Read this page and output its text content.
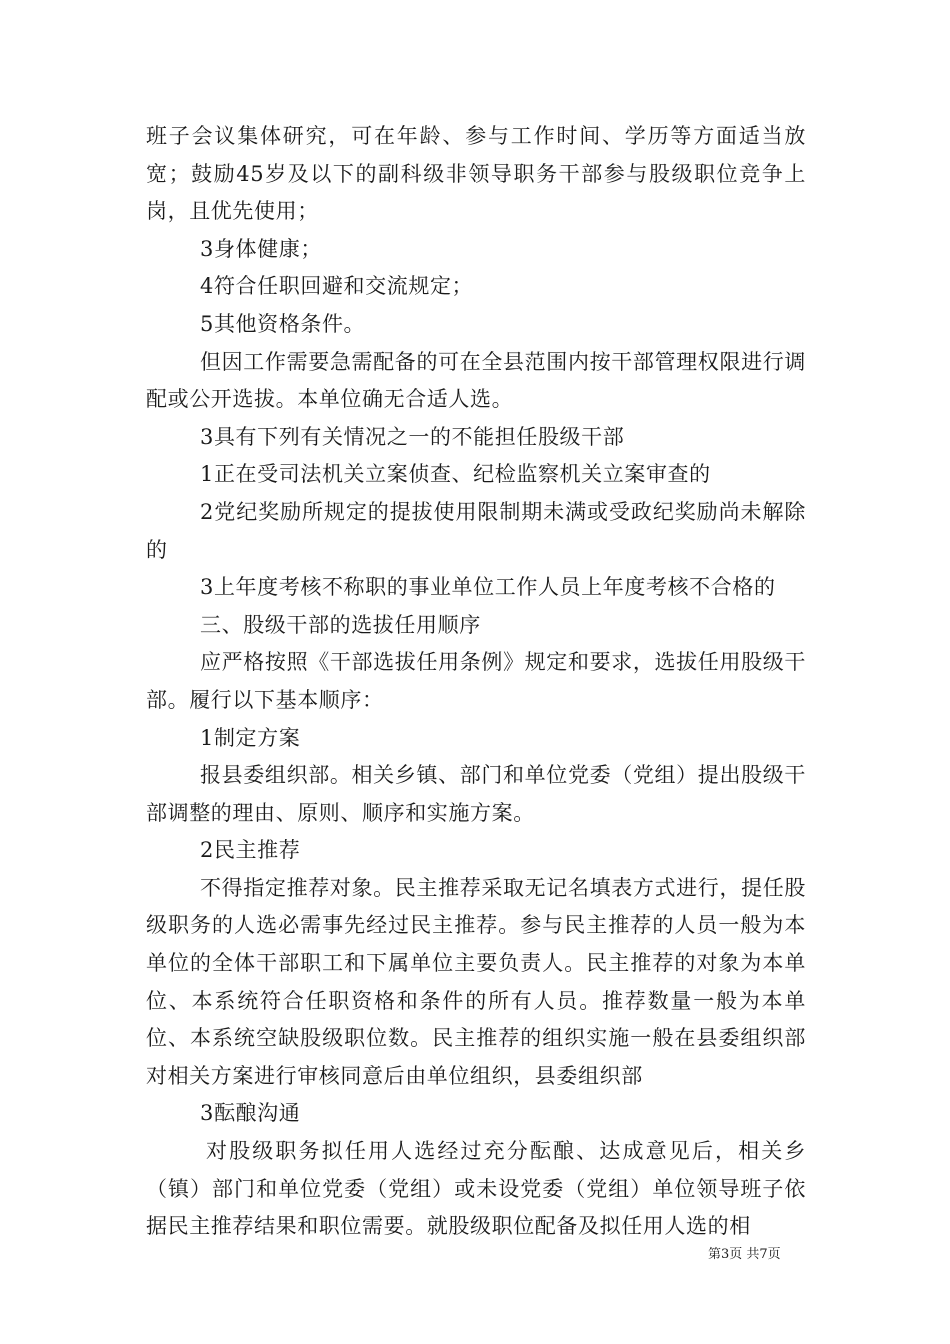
班子会议集体研究，可在年龄、参与工作时间、学历等方面适当放宽；鼓励45岁及以下的副科级非领导职务干部参与股级职位竞争上岗，且优先使用；

3身体健康；

4符合任职回避和交流规定；

5其他资格条件。

但因工作需要急需配备的可在全县范围内按干部管理权限进行调配或公开选拔。本单位确无合适人选。

3具有下列有关情况之一的不能担任股级干部

1正在受司法机关立案侦查、纪检监察机关立案审查的

2党纪奖励所规定的提拔使用限制期未满或受政纪奖励尚未解除的

3上年度考核不称职的事业单位工作人员上年度考核不合格的

三、股级干部的选拔任用顺序

应严格按照《干部选拔任用条例》规定和要求，选拔任用股级干部。履行以下基本顺序：

1制定方案

报县委组织部。相关乡镇、部门和单位党委（党组）提出股级干部调整的理由、原则、顺序和实施方案。

2民主推荐

不得指定推荐对象。民主推荐采取无记名填表方式进行，提任股级职务的人选必需事先经过民主推荐。参与民主推荐的人员一般为本单位的全体干部职工和下属单位主要负责人。民主推荐的对象为本单位、本系统符合任职资格和条件的所有人员。推荐数量一般为本单位、本系统空缺股级职位数。民主推荐的组织实施一般在县委组织部对相关方案进行审核同意后由单位组织，县委组织部

3酝酿沟通

对股级职务拟任用人选经过充分酝酿、达成意见后，相关乡（镇）部门和单位党委（党组）或未设党委（党组）单位领导班子依据民主推荐结果和职位需要。就股级职位配备及拟任用人选的相

第3页 共7页
